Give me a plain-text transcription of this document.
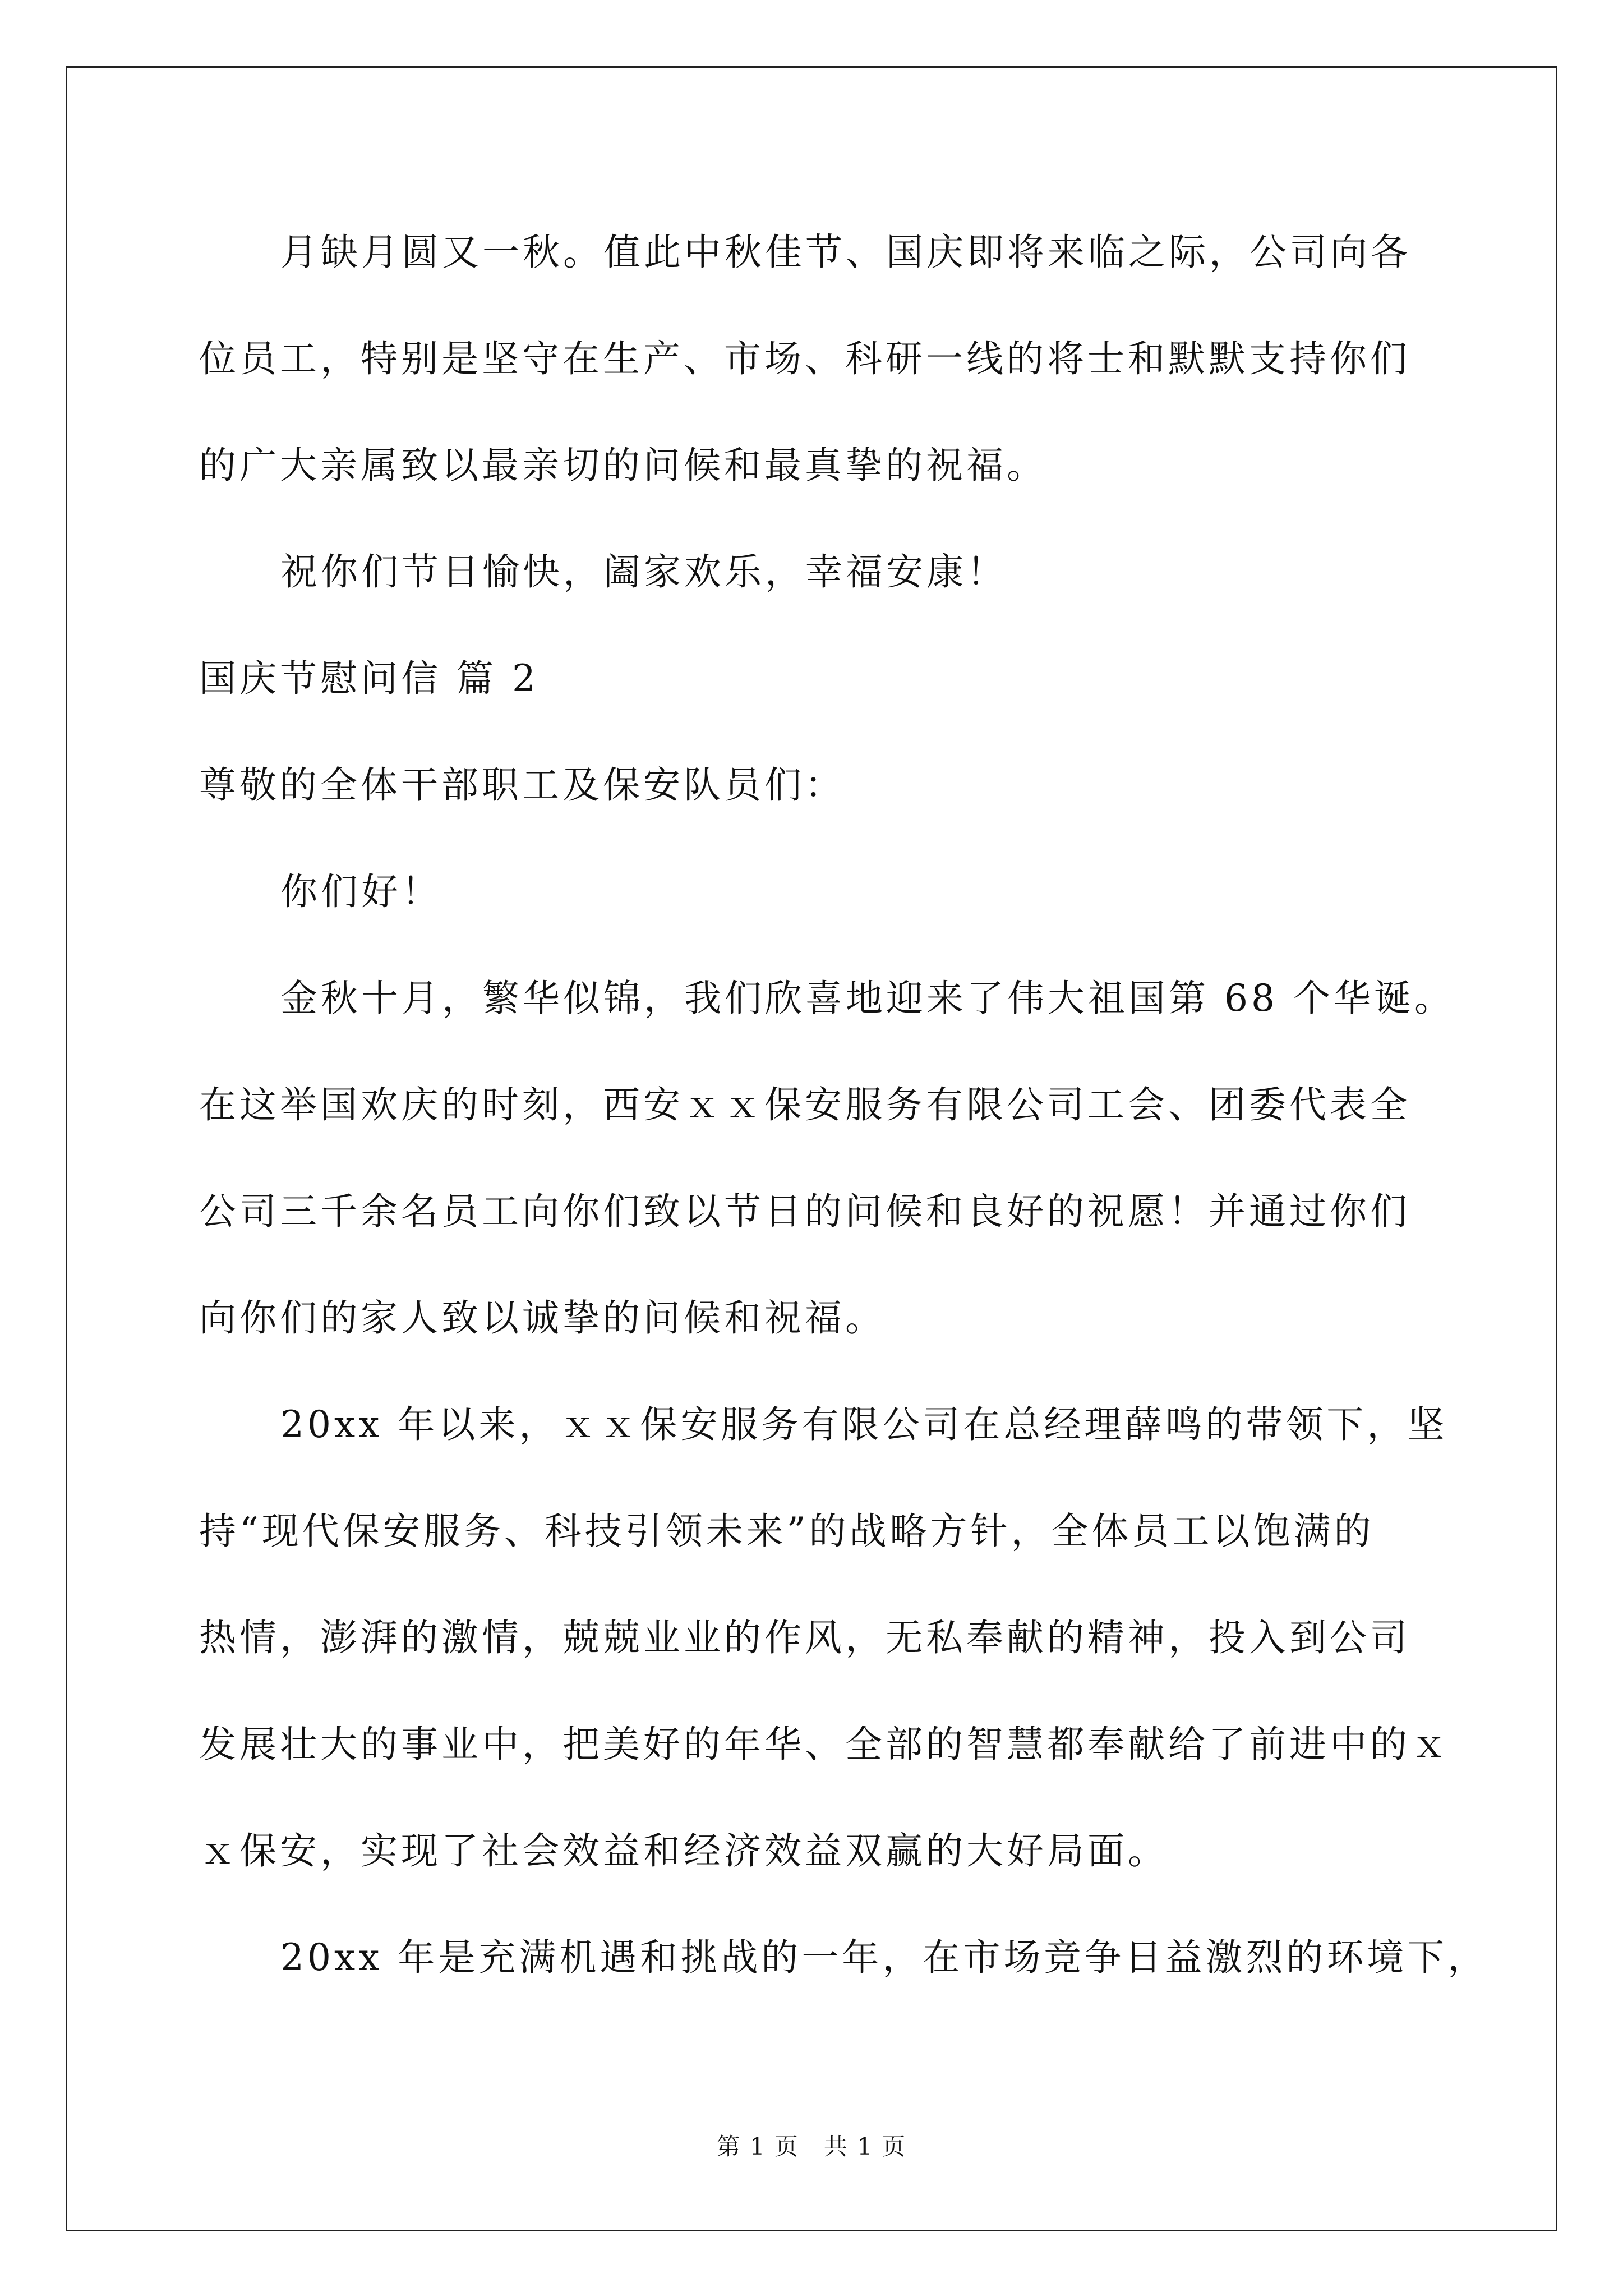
月缺月圆又一秋。值此中秋佳节、国庆即将来临之际，公司向各
位员工，特别是坚守在生产、市场、科研一线的将士和默默支持你们
的广大亲属致以最亲切的问候和最真挚的祝福。
祝你们节日愉快，阖家欢乐，幸福安康！
国庆节慰问信 篇 2
尊敬的全体干部职工及保安队员们：
你们好！
金秋十月，繁华似锦，我们欣喜地迎来了伟大祖国第 68 个华诞。
在这举国欢庆的时刻，西安ｘｘ保安服务有限公司工会、团委代表全
公司三千余名员工向你们致以节日的问候和良好的祝愿！并通过你们
向你们的家人致以诚挚的问候和祝福。
20xx 年以来，ｘｘ保安服务有限公司在总经理薛鸣的带领下，坚
持“现代保安服务、科技引领未来”的战略方针，全体员工以饱满的
热情，澎湃的激情，兢兢业业的作风，无私奉献的精神，投入到公司
发展壮大的事业中，把美好的年华、全部的智慧都奉献给了前进中的ｘ
ｘ保安，实现了社会效益和经济效益双赢的大好局面。
20xx 年是充满机遇和挑战的一年，在市场竞争日益激烈的环境下，
第 1 页　共 1 页
